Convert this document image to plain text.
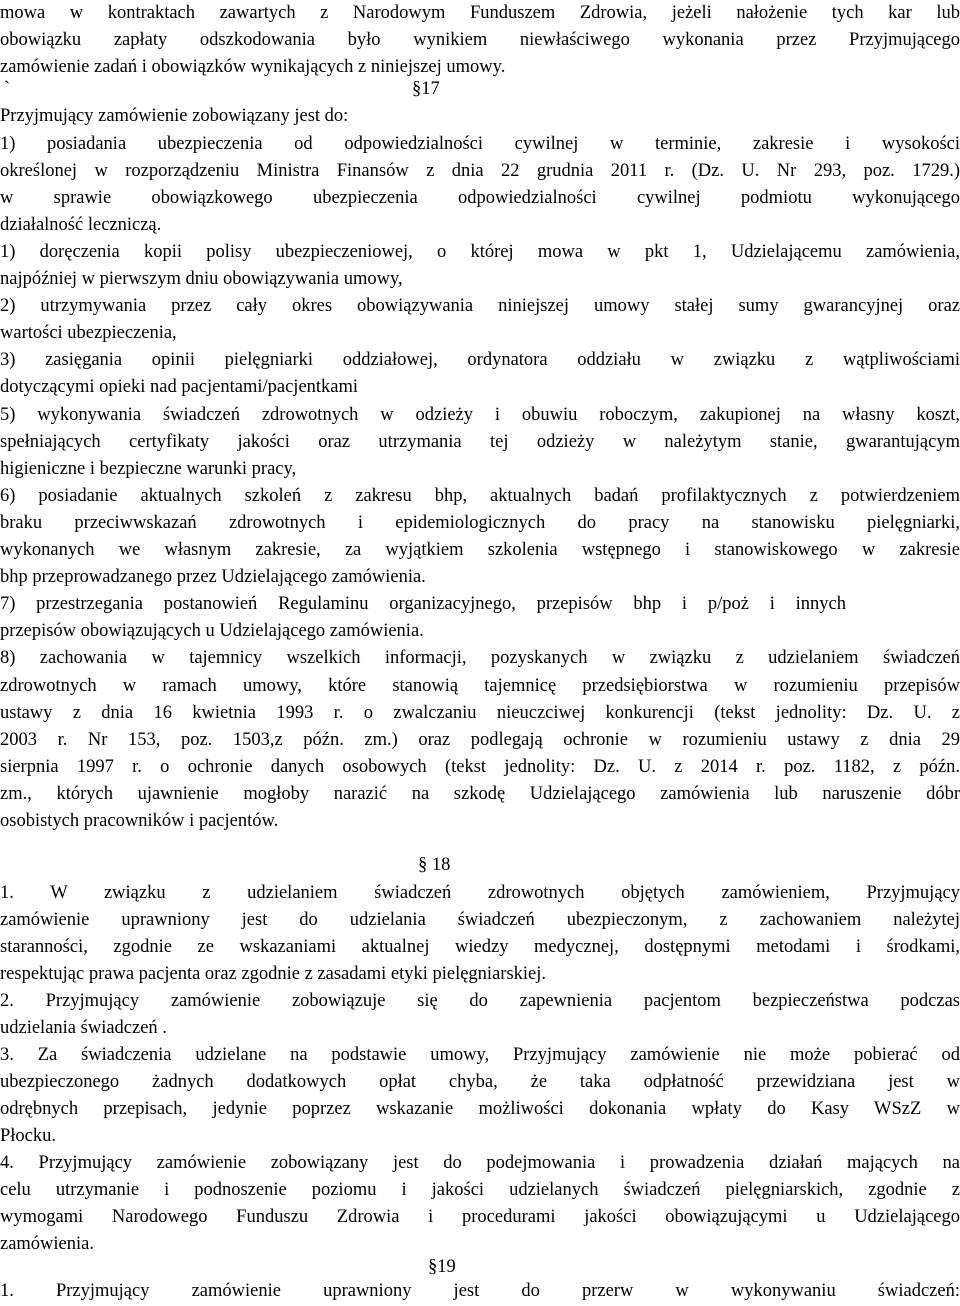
mowa w kontraktach zawartych z Narodowym Funduszem Zdrowia, jeżeli nałożenie tych kar lub
obowiązku zapłaty odszkodowania było wynikiem niewłaściwego wykonania przez Przyjmującego
zamówienie zadań i obowiązków wynikających z niniejszej umowy.
`	§17
Przyjmujący zamówienie zobowiązany jest do:
1) posiadania ubezpieczenia od odpowiedzialności cywilnej w terminie, zakresie i wysokości
określonej w rozporządzeniu Ministra Finansów z dnia 22 grudnia 2011 r. (Dz. U. Nr 293, poz. 1729.)
w sprawie obowiązkowego ubezpieczenia odpowiedzialności cywilnej podmiotu wykonującego
działalność leczniczą.
1) doręczenia kopii polisy ubezpieczeniowej, o której mowa w pkt 1, Udzielającemu zamówienia,
najpóźniej w pierwszym dniu obowiązywania umowy,
2) utrzymywania przez cały okres obowiązywania niniejszej umowy stałej sumy gwarancyjnej oraz
wartości ubezpieczenia,
3) zasięgania opinii pielęgniarki oddziałowej, ordynatora oddziału w związku z wątpliwościami
dotyczącymi opieki nad pacjentami/pacjentkami
5) wykonywania świadczeń zdrowotnych w odzieży i obuwiu roboczym, zakupionej na własny koszt,
spełniających certyfikaty jakości oraz utrzymania tej odzieży w należytym stanie, gwarantującym
higieniczne i bezpieczne warunki pracy,
6) posiadanie aktualnych szkoleń z zakresu bhp, aktualnych badań profilaktycznych z potwierdzeniem
braku przeciwwskazań zdrowotnych i epidemiologicznych do pracy na stanowisku pielęgniarki,
wykonanych we własnym zakresie, za wyjątkiem szkolenia wstępnego i stanowiskowego w zakresie
bhp przeprowadzanego przez Udzielającego zamówienia.
7) przestrzegania postanowień Regulaminu organizacyjnego, przepisów bhp i p/poż i innych
przepisów obowiązujących u Udzielającego zamówienia.
8) zachowania w tajemnicy wszelkich informacji, pozyskanych w związku z udzielaniem świadczeń
zdrowotnych w ramach umowy, które stanowią tajemnicę przedsiębiorstwa w rozumieniu przepisów
ustawy z dnia 16 kwietnia 1993 r. o zwalczaniu nieuczciwej konkurencji (tekst jednolity: Dz. U. z
2003 r. Nr 153, poz. 1503,z późn. zm.) oraz podlegają ochronie w rozumieniu ustawy z dnia 29
sierpnia 1997 r. o ochronie danych osobowych (tekst jednolity: Dz. U. z 2014 r. poz. 1182, z późn.
zm., których ujawnienie mogłoby narazić na szkodę Udzielającego zamówienia lub naruszenie dóbr
osobistych pracowników i pacjentów.
§ 18
1. W związku z udzielaniem świadczeń zdrowotnych objętych zamówieniem, Przyjmujący
zamówienie uprawniony jest do udzielania świadczeń ubezpieczonym, z zachowaniem należytej
staranności, zgodnie ze wskazaniami aktualnej wiedzy medycznej, dostępnymi metodami i środkami,
respektując prawa pacjenta oraz zgodnie z zasadami etyki pielęgniarskiej.
2. Przyjmujący zamówienie zobowiązuje się do zapewnienia pacjentom bezpieczeństwa podczas
udzielania świadczeń .
3. Za świadczenia udzielane na podstawie umowy, Przyjmujący zamówienie nie może pobierać od
ubezpieczonego żadnych dodatkowych opłat chyba, że taka odpłatność przewidziana jest w
odrębnych przepisach, jedynie poprzez wskazanie możliwości dokonania wpłaty do Kasy WSzZ w
Płocku.
4. Przyjmujący zamówienie zobowiązany jest do podejmowania i prowadzenia działań mających na
celu utrzymanie i podnoszenie poziomu i jakości udzielanych świadczeń pielęgniarskich, zgodnie z
wymogami Narodowego Funduszu Zdrowia i procedurami jakości obowiązującymi u Udzielającego
zamówienia.
§19
1. Przyjmujący zamówienie uprawniony jest do przerw w wykonywaniu świadczeń:
